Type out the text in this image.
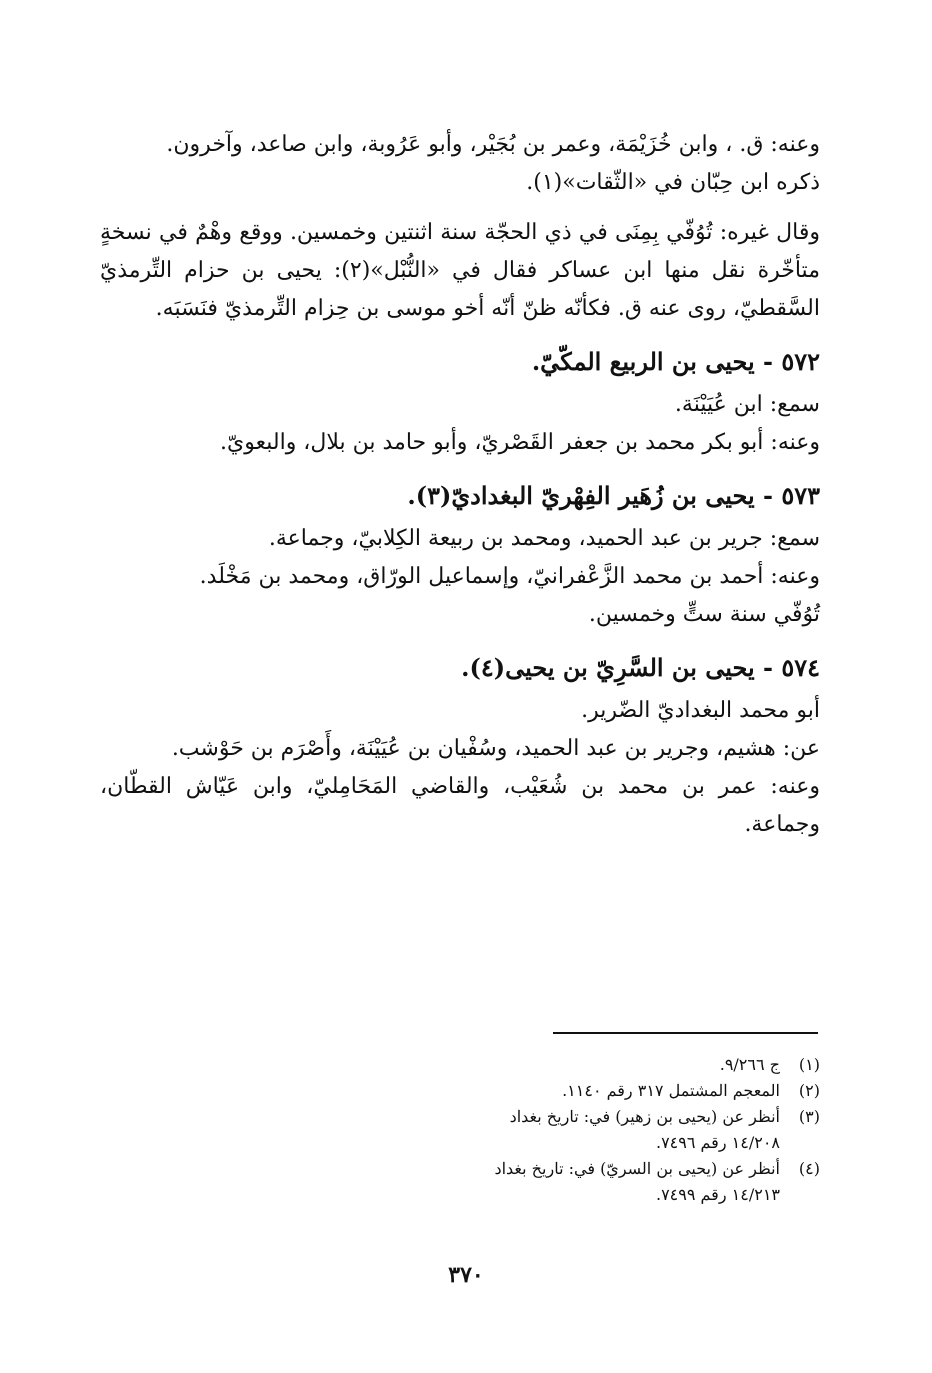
وعنه: ق. ، وابن خُزَيْمَة، وعمر بن بُجَيْر، وأبو عَرُوبة، وابن صاعد، وآخرون.

ذكره ابن حِبّان في «الثّقات»(١).

وقال غيره: تُوُفّي بِمِنَى في ذي الحجّة سنة اثنتين وخمسين. ووقع وهْمٌ في نسخةٍ متأخّرة نقل منها ابن عساكر فقال في «النُّبْل»(٢): يحيى بن حزام التِّرمذيّ السَّقطيّ، روى عنه ق. فكأنّه ظنّ أنّه أخو موسى بن حِزام التِّرمذيّ فنَسَبَه.

٥٧٢ - يحيى بن الربيع المكّيّ.

سمع: ابن عُيَيْنَة.

وعنه: أبو بكر محمد بن جعفر القَصْريّ، وأبو حامد بن بلال، والبعويّ.

٥٧٣ - يحيى بن زُهَير الفِهْريّ البغداديّ(٣).

سمع: جرير بن عبد الحميد، ومحمد بن ربيعة الكِلابيّ، وجماعة.

وعنه: أحمد بن محمد الزَّعْفرانيّ، وإسماعيل الورّاق، ومحمد بن مَخْلَد.

تُوُفّي سنة ستٍّ وخمسين.

٥٧٤ - يحيى بن السَّرِيّ بن يحيى(٤).

أبو محمد البغداديّ الضّرير.

عن: هشيم، وجرير بن عبد الحميد، وسُفْيان بن عُيَيْنَة، وأَصْرَم بن حَوْشب.

وعنه: عمر بن محمد بن شُعَيْب، والقاضي المَحَامِليّ، وابن عَيّاش القطّان، وجماعة.

(١)
ج ٩/٢٦٦.
(٢)
المعجم المشتمل ٣١٧ رقم ١١٤٠.
(٣)
أنظر عن (يحيى بن زهير) في: تاريخ بغداد ١٤/٢٠٨ رقم ٧٤٩٦.
(٤)
أنظر عن (يحيى بن السريّ) في: تاريخ بغداد ١٤/٢١٣ رقم ٧٤٩٩.
٣٧٠
